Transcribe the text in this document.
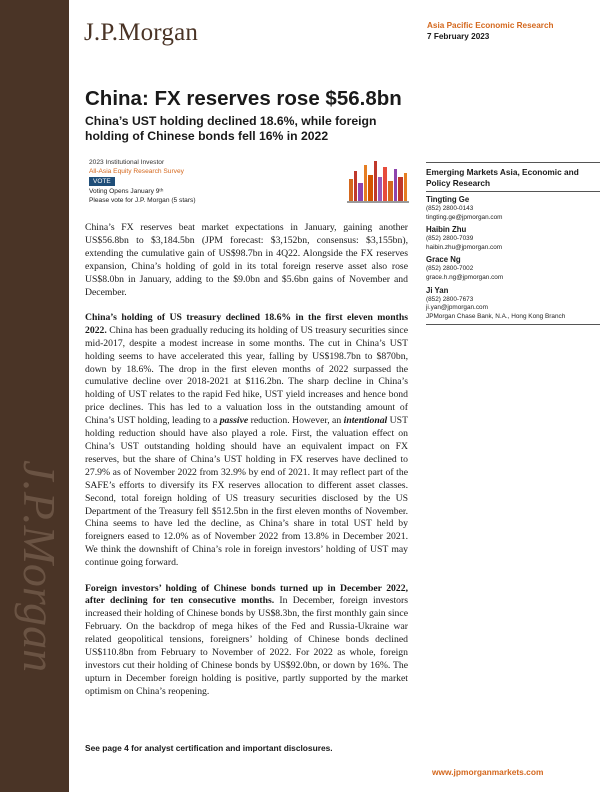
J.P.Morgan
J.P.Morgan	Asia Pacific Economic Research
7 February 2023
China: FX reserves rose $56.8bn
China’s UST holding declined 18.6%, while foreign holding of Chinese bonds fell 16% in 2022
2023 Institutional Investor
All-Asia Equity Research Survey
VOTE
Voting Opens January 9ᵗʰ
Please vote for J.P. Morgan (5 stars)

China’s FX reserves beat market expectations in January, gaining another US$56.8bn to $3,184.5bn (JPM forecast: $3,152bn, consensus: $3,155bn), extending the cumulative gain of US$98.7bn in 4Q22. Alongside the FX reserves expansion, China’s holding of gold in its total foreign reserve asset also rose US$8.0bn in January, adding to the $9.0bn and $5.6bn gains of November and December.

China’s holding of US treasury declined 18.6% in the first eleven months 2022. China has been gradually reducing its holding of US treasury securities since mid-2017, despite a modest increase in some months. The cut in China’s UST holding seems to have accelerated this year, falling by US$198.7bn to $870bn, down by 18.6%. The drop in the first eleven months of 2022 surpassed the cumulative decline over 2018-2021 at $116.2bn. The sharp decline in China’s holding of UST relates to the rapid Fed hike, UST yield increases and hence bond price declines. This has led to a valuation loss in the outstanding amount of China’s UST holding, leading to a passive reduction. However, an intentional UST holding reduction should have also played a role. First, the valuation effect on China’s UST outstanding holding should have an equivalent impact on FX reserves, but the share of China’s UST holding in FX reserves have declined to 27.9% as of November 2022 from 32.9% by end of 2021. It may reflect part of the SAFE’s efforts to diversify its FX reserves allocation to different asset classes. Second, total foreign holding of US treasury securities disclosed by the US Department of the Treasury fell $512.5bn in the first eleven months of November. China seems to have led the decline, as China’s share in total UST held by foreigners eased to 12.0% as of November 2022 from 13.8% in December 2021. We think the downshift of China’s role in foreign investors’ holding of UST may continue going forward.

Foreign investors’ holding of Chinese bonds turned up in December 2022, after declining for ten consecutive months. In December, foreign investors increased their holding of Chinese bonds by US$8.3bn, the first monthly gain since February. On the backdrop of mega hikes of the Fed and Russia-Ukraine war related geopolitical tensions, foreigners’ holding of Chinese bonds declined US$110.8bn from February to November of 2022. For 2022 as whole, foreign investors cut their holding of Chinese bonds by US$92.0bn, or down by 16%. The upturn in December foreign holding is positive, partly supported by the market optimism on China’s reopening.

See page 4 for analyst certification and important disclosures.
www.jpmorganmarkets.com
Emerging Markets Asia, Economic and Policy Research
Tingting Ge
(852) 2800-0143
tingting.ge@jpmorgan.com
Haibin Zhu
(852) 2800-7039
haibin.zhu@jpmorgan.com
Grace Ng
(852) 2800-7002
grace.h.ng@jpmorgan.com
Ji Yan
(852) 2800-7673
ji.yan@jpmorgan.com
JPMorgan Chase Bank, N.A., Hong Kong Branch
